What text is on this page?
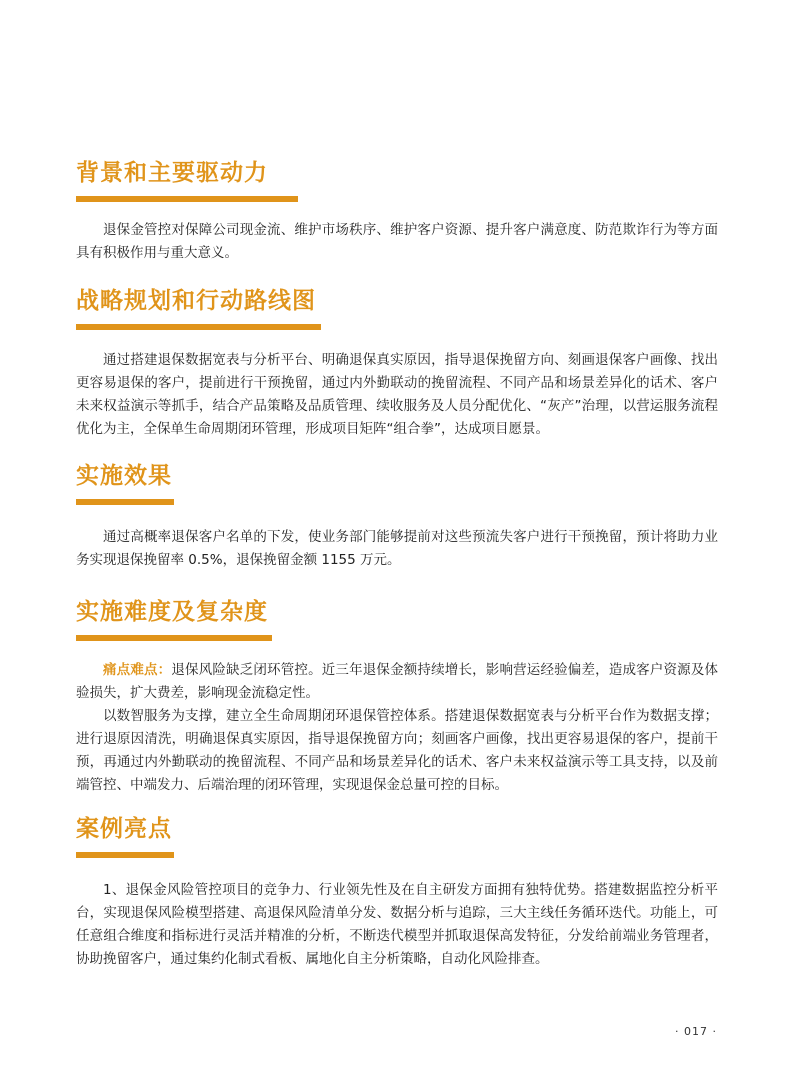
背景和主要驱动力

退保金管控对保障公司现金流、维护市场秩序、维护客户资源、提升客户满意度、防范欺诈行为等方面具有积极作用与重大意义。

战略规划和行动路线图

通过搭建退保数据宽表与分析平台、明确退保真实原因，指导退保挽留方向、刻画退保客户画像、找出更容易退保的客户，提前进行干预挽留，通过内外勤联动的挽留流程、不同产品和场景差异化的话术、客户未来权益演示等抓手，结合产品策略及品质管理、续收服务及人员分配优化、“灰产”治理，以营运服务流程优化为主，全保单生命周期闭环管理，形成项目矩阵“组合拳”，达成项目愿景。

实施效果

通过高概率退保客户名单的下发，使业务部门能够提前对这些预流失客户进行干预挽留，预计将助力业务实现退保挽留率 0.5%，退保挽留金额 1155 万元。

实施难度及复杂度

痛点难点：退保风险缺乏闭环管控。近三年退保金额持续增长，影响营运经验偏差，造成客户资源及体验损失，扩大费差，影响现金流稳定性。

以数智服务为支撑，建立全生命周期闭环退保管控体系。搭建退保数据宽表与分析平台作为数据支撑；进行退原因清洗，明确退保真实原因，指导退保挽留方向；刻画客户画像，找出更容易退保的客户，提前干预，再通过内外勤联动的挽留流程、不同产品和场景差异化的话术、客户未来权益演示等工具支持，以及前端管控、中端发力、后端治理的闭环管理，实现退保金总量可控的目标。

案例亮点

1、退保金风险管控项目的竞争力、行业领先性及在自主研发方面拥有独特优势。搭建数据监控分析平台，实现退保风险模型搭建、高退保风险清单分发、数据分析与追踪，三大主线任务循环迭代。功能上，可任意组合维度和指标进行灵活并精准的分析，不断迭代模型并抓取退保高发特征，分发给前端业务管理者，协助挽留客户，通过集约化制式看板、属地化自主分析策略，自动化风险排查。

· 017 ·
